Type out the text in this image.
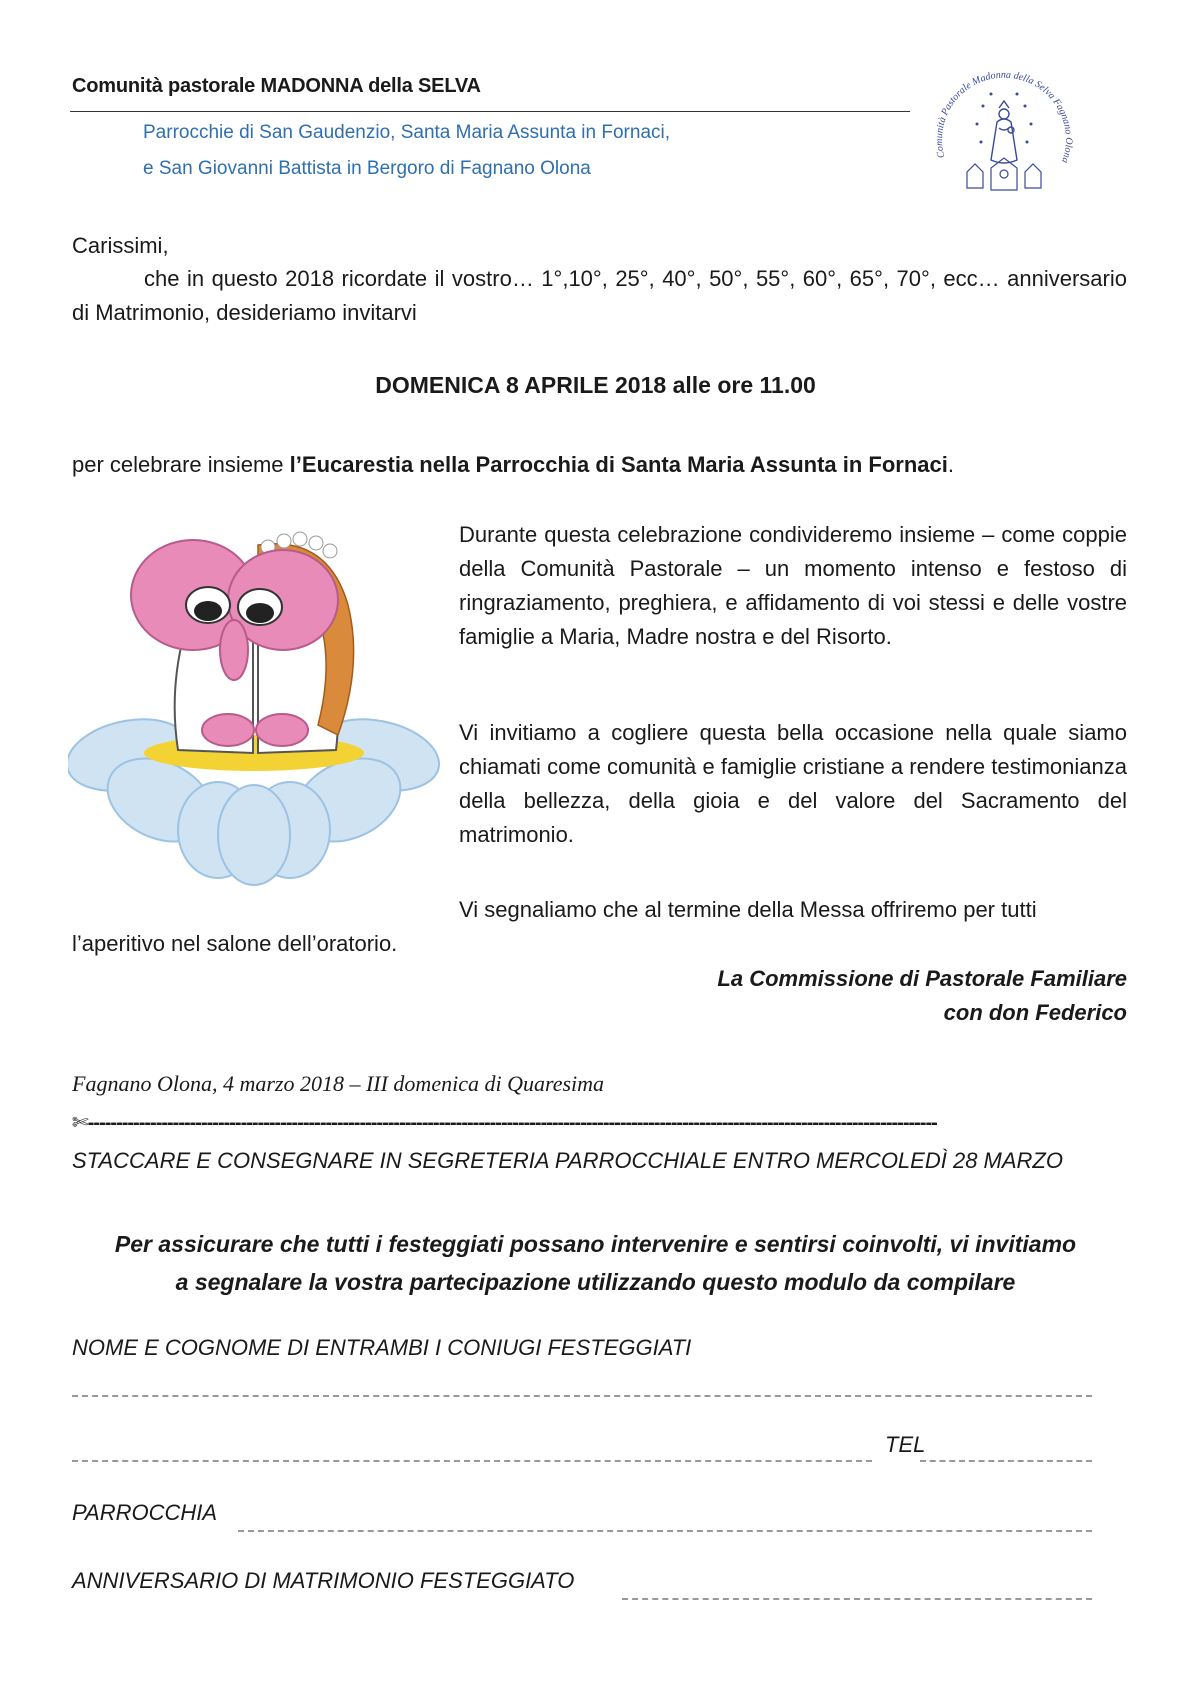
Comunità pastorale MADONNA della SELVA
Parrocchie di San Gaudenzio, Santa Maria Assunta in Fornaci,
e San Giovanni Battista in Bergoro di Fagnano Olona
Comunità Pastorale Madonna della Selva Fagnano Olona
Carissimi,
che in questo 2018 ricordate il vostro… 1°,10°, 25°, 40°, 50°, 55°, 60°, 65°, 70°, ecc… anniversario di Matrimonio, desideriamo invitarvi
DOMENICA 8 APRILE 2018 alle ore 11.00
per celebrare insieme l’Eucarestia nella Parrocchia di Santa Maria Assunta in Fornaci.
Durante questa celebrazione condivideremo insieme – come coppie della Comunità Pastorale – un momento intenso e festoso di ringraziamento, preghiera, e affidamento di voi stessi e delle vostre famiglie a Maria, Madre nostra e del Risorto.
Vi invitiamo a cogliere questa bella occasione nella quale siamo chiamati come comunità e famiglie cristiane a rendere testimonianza della bellezza, della gioia e del valore del Sacramento del matrimonio.
Vi segnaliamo che al termine della Messa offriremo per tutti
l’aperitivo nel salone dell’oratorio.
La Commissione di Pastorale Familiare
con don Federico
Fagnano Olona, 4 marzo 2018 – III domenica di Quaresima
✄------------------------------------------------------------------------------------------------------------------------------------------------------
STACCARE E CONSEGNARE IN SEGRETERIA PARROCCHIALE ENTRO MERCOLEDÌ 28 MARZO
Per assicurare che tutti i festeggiati possano intervenire e sentirsi coinvolti, vi invitiamo
a segnalare la vostra partecipazione utilizzando questo modulo da compilare
NOME E COGNOME DI ENTRAMBI I CONIUGI FESTEGGIATI
TEL
PARROCCHIA
ANNIVERSARIO DI MATRIMONIO FESTEGGIATO
